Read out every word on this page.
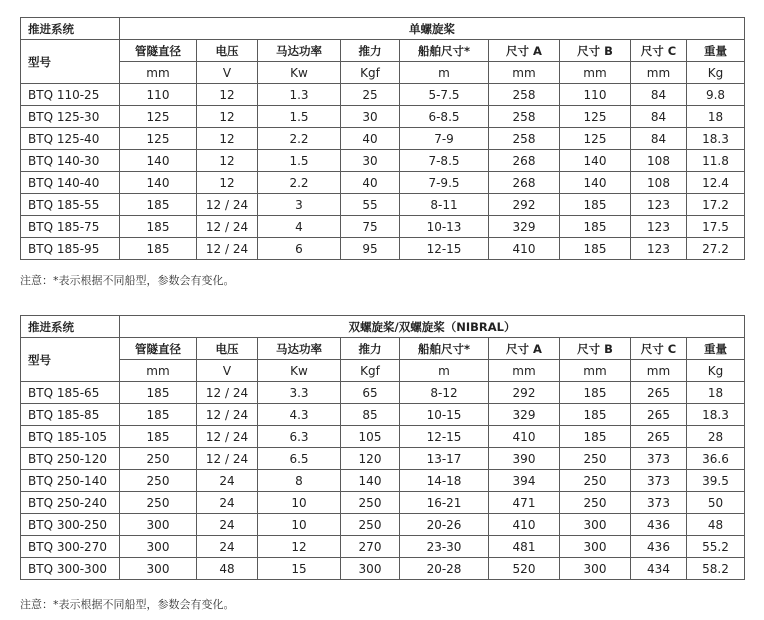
推进系统	单螺旋桨								
型号	管隧直径	电压	马达功率	推力	船舶尺寸*	尺寸 A	尺寸 B	尺寸 C	重量
	mm	V	Kw	Kgf	m	mm	mm	mm	Kg
BTQ 110-25	110	12	1.3	25	5-7.5	258	110	84	9.8
BTQ 125-30	125	12	1.5	30	6-8.5	258	125	84	18
BTQ 125-40	125	12	2.2	40	7-9	258	125	84	18.3
BTQ 140-30	140	12	1.5	30	7-8.5	268	140	108	11.8
BTQ 140-40	140	12	2.2	40	7-9.5	268	140	108	12.4
BTQ 185-55	185	12 / 24	3	55	8-11	292	185	123	17.2
BTQ 185-75	185	12 / 24	4	75	10-13	329	185	123	17.5
BTQ 185-95	185	12 / 24	6	95	12-15	410	185	123	27.2
注意：*表示根据不同船型，参数会有变化。
推进系统	双螺旋桨/双螺旋桨（NIBRAL）								
型号	管隧直径	电压	马达功率	推力	船舶尺寸*	尺寸 A	尺寸 B	尺寸 C	重量
	mm	V	Kw	Kgf	m	mm	mm	mm	Kg
BTQ 185-65	185	12 / 24	3.3	65	8-12	292	185	265	18
BTQ 185-85	185	12 / 24	4.3	85	10-15	329	185	265	18.3
BTQ 185-105	185	12 / 24	6.3	105	12-15	410	185	265	28
BTQ 250-120	250	12 / 24	6.5	120	13-17	390	250	373	36.6
BTQ 250-140	250	24	8	140	14-18	394	250	373	39.5
BTQ 250-240	250	24	10	250	16-21	471	250	373	50
BTQ 300-250	300	24	10	250	20-26	410	300	436	48
BTQ 300-270	300	24	12	270	23-30	481	300	436	55.2
BTQ 300-300	300	48	15	300	20-28	520	300	434	58.2
注意：*表示根据不同船型，参数会有变化。
